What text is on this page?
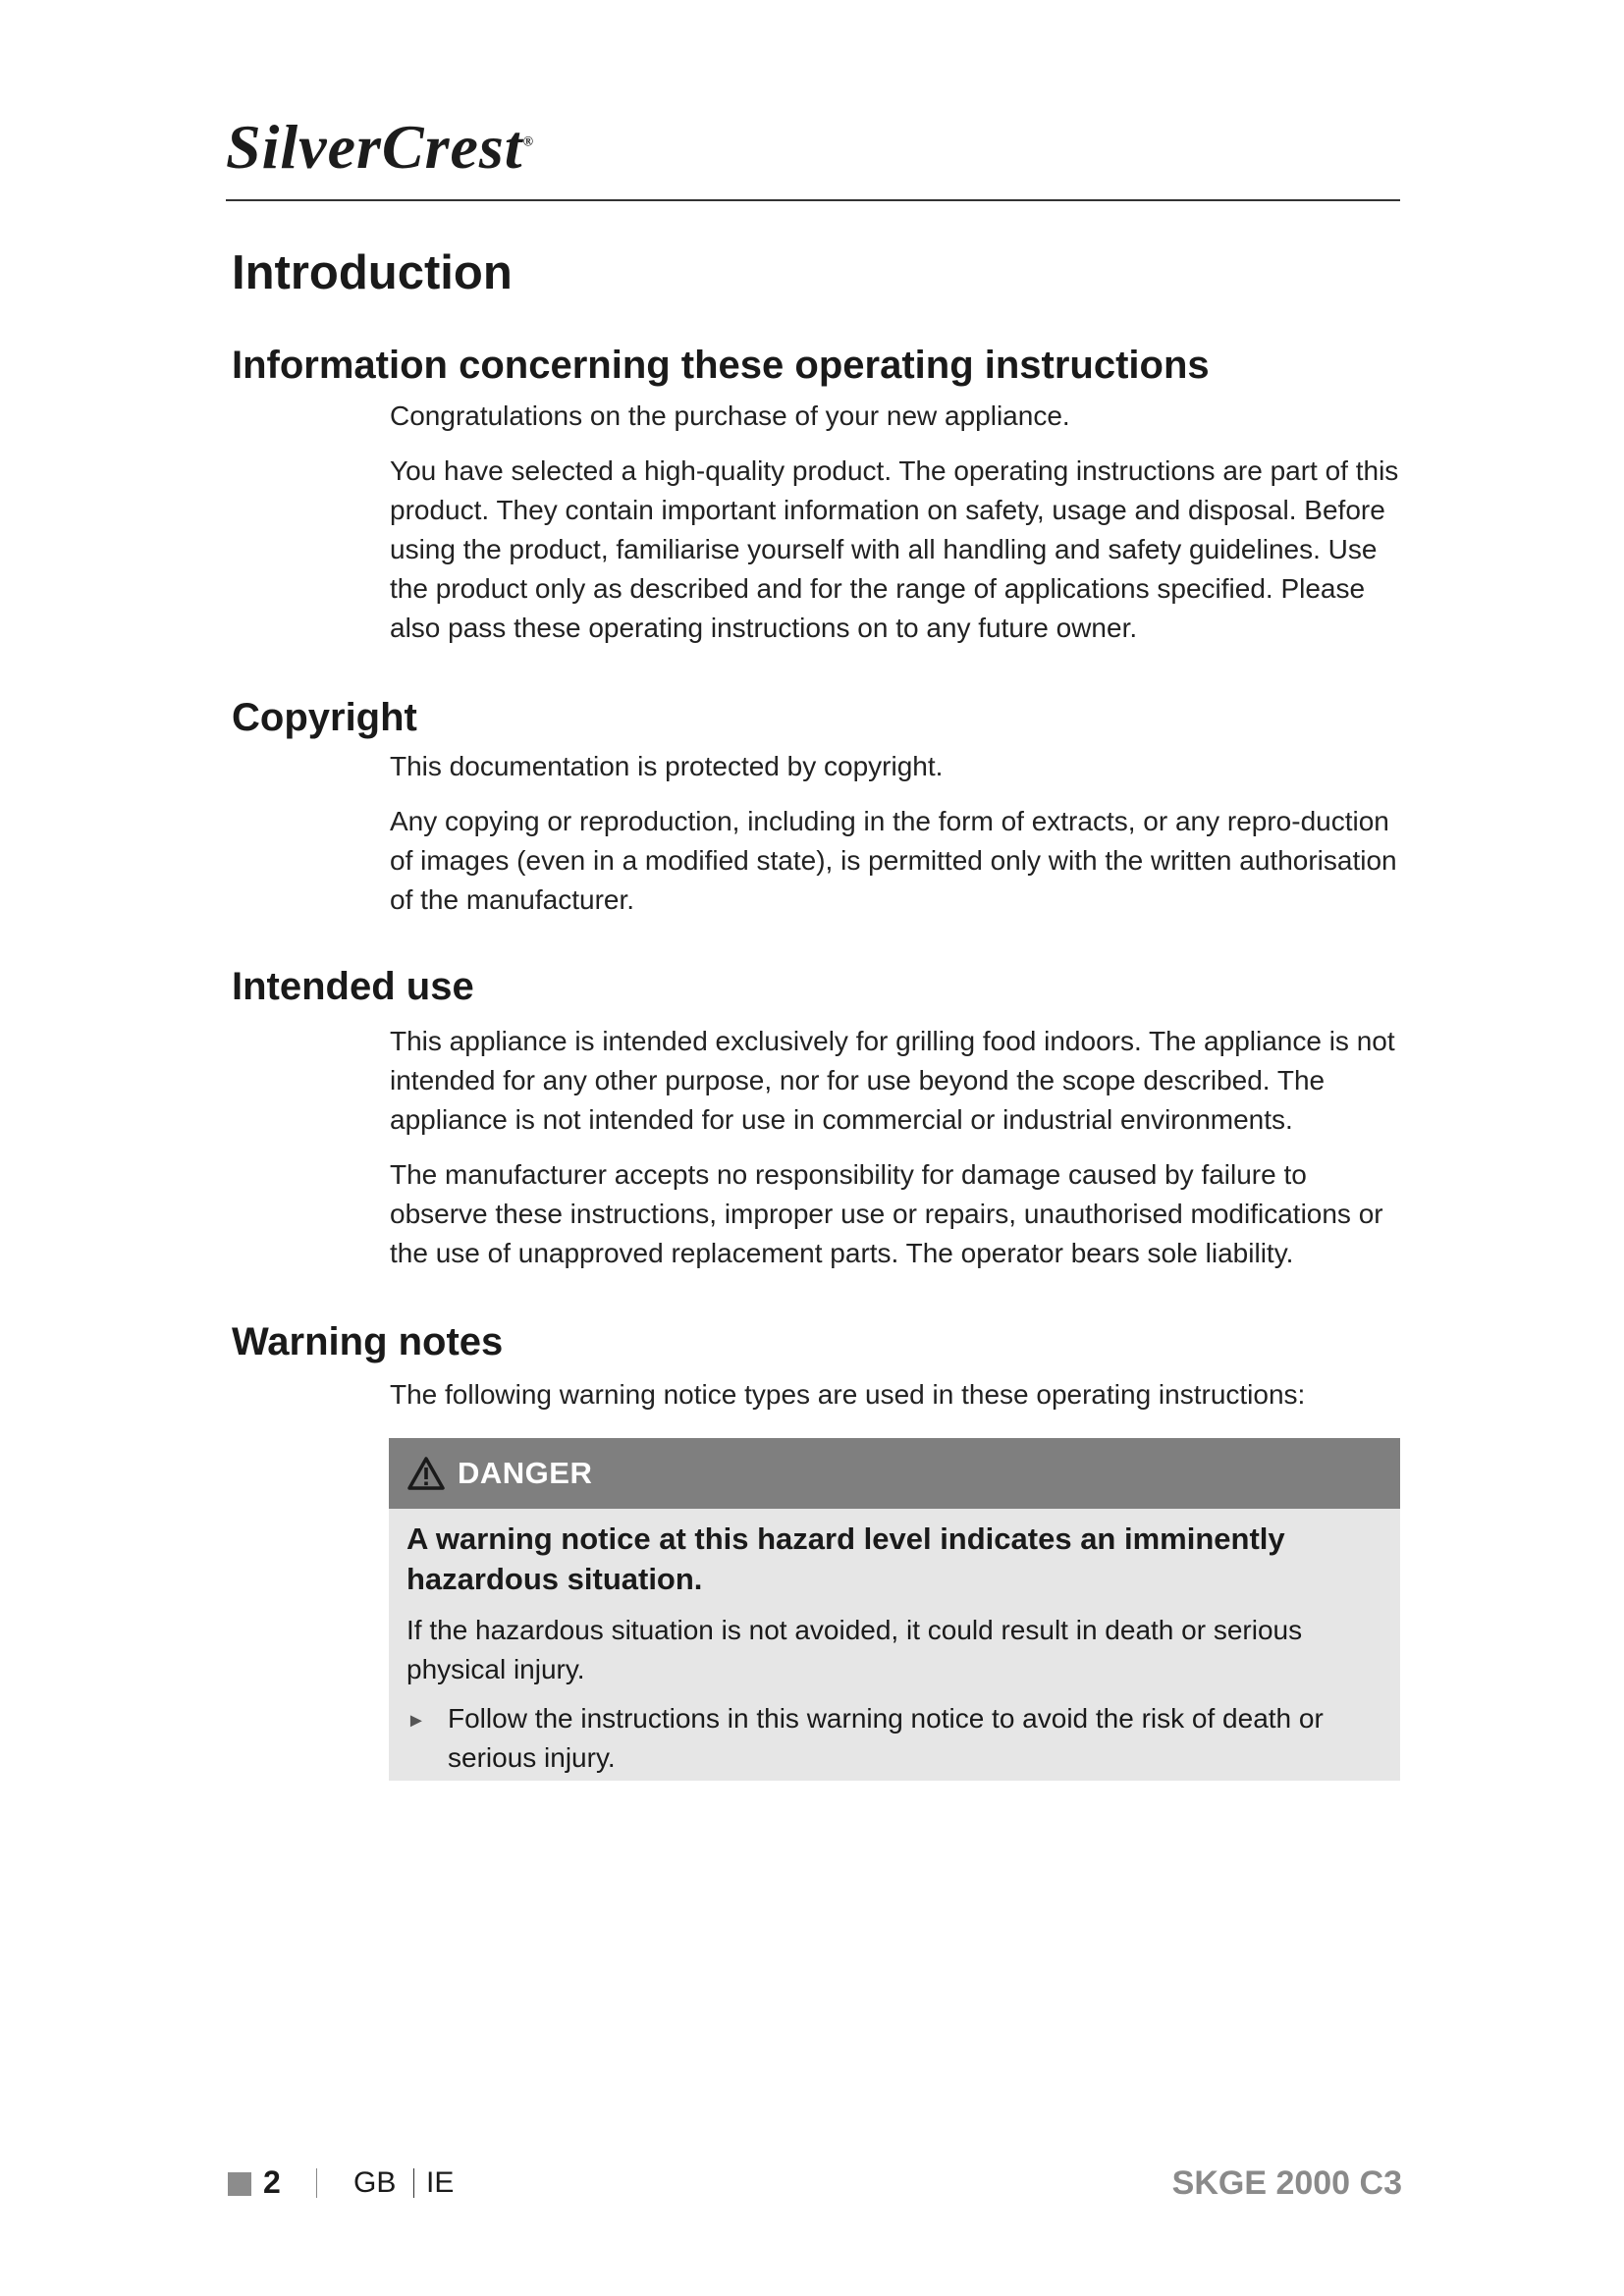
SilverCrest®
Introduction
Information concerning these operating instructions

Congratulations on the purchase of your new appliance.

You have selected a high-quality product. The operating instructions are part of this product. They contain important information on safety, usage and disposal. Before using the product, familiarise yourself with all handling and safety guidelines. Use the product only as described and for the range of applications specified. Please also pass these operating instructions on to any future owner.

Copyright

This documentation is protected by copyright.

Any copying or reproduction, including in the form of extracts, or any repro-duction of images (even in a modified state), is permitted only with the written authorisation of the manufacturer.

Intended use

This appliance is intended exclusively for grilling food indoors. The appliance is not intended for any other purpose, nor for use beyond the scope described. The appliance is not intended for use in commercial or industrial environments.

The manufacturer accepts no responsibility for damage caused by failure to observe these instructions, improper use or repairs, unauthorised modifications or the use of unapproved replacement parts. The operator bears sole liability.

Warning notes

The following warning notice types are used in these operating instructions:

DANGER

A warning notice at this hazard level indicates an imminently hazardous situation.

If the hazardous situation is not avoided, it could result in death or serious physical injury.

► Follow the instructions in this warning notice to avoid the risk of death or serious injury.
2 GB IE	SKGE 2000 C3
